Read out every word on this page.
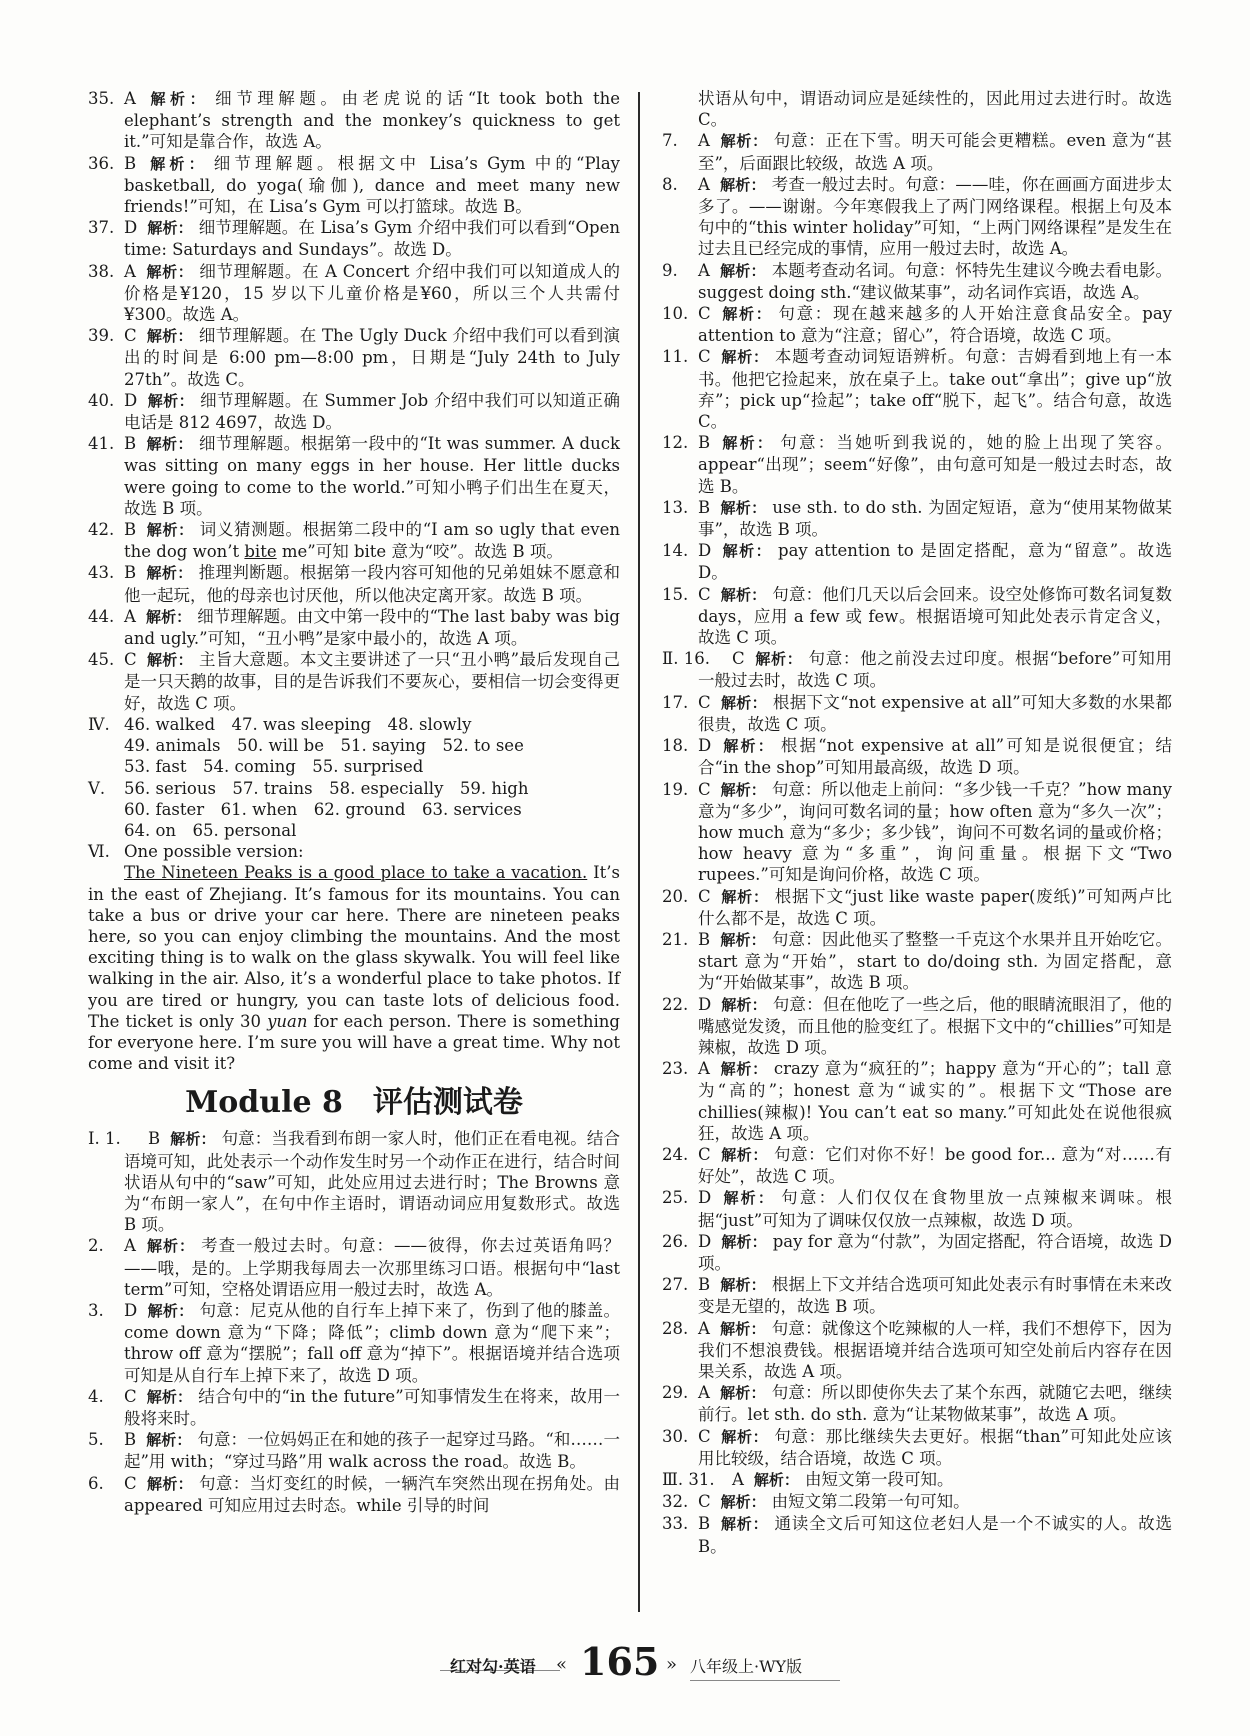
35. A 解析： 细节理解题。由老虎说的话“It took both the elephant’s strength and the monkey’s quickness to get it.”可知是靠合作，故选 A。

36. B 解析： 细节理解题。根据文中 Lisa’s Gym 中的“Play basketball, do yoga(瑜伽), dance and meet many new friends!”可知，在 Lisa’s Gym 可以打篮球。故选 B。

37. D 解析： 细节理解题。在 Lisa’s Gym 介绍中我们可以看到“Open time: Saturdays and Sundays”。故选 D。

38. A 解析： 细节理解题。在 A Concert 介绍中我们可以知道成人的价格是¥120，15 岁以下儿童价格是¥60，所以三个人共需付¥300。故选 A。

39. C 解析： 细节理解题。在 The Ugly Duck 介绍中我们可以看到演出的时间是 6:00 pm—8:00 pm，日期是“July 24th to July 27th”。故选 C。

40. D 解析： 细节理解题。在 Summer Job 介绍中我们可以知道正确电话是 812 4697，故选 D。

41. B 解析： 细节理解题。根据第一段中的“It was summer. A duck was sitting on many eggs in her house. Her little ducks were going to come to the world.”可知小鸭子们出生在夏天，故选 B 项。

42. B 解析： 词义猜测题。根据第二段中的“I am so ugly that even the dog won’t bite me”可知 bite 意为“咬”。故选 B 项。

43. B 解析： 推理判断题。根据第一段内容可知他的兄弟姐妹不愿意和他一起玩，他的母亲也讨厌他，所以他决定离开家。故选 B 项。

44. A 解析： 细节理解题。由文中第一段中的“The last baby was big and ugly.”可知，“丑小鸭”是家中最小的，故选 A 项。

45. C 解析： 主旨大意题。本文主要讲述了一只“丑小鸭”最后发现自己是一只天鹅的故事，目的是告诉我们不要灰心，要相信一切会变得更好，故选 C 项。

Ⅳ. 46. walked　47. was sleeping　48. slowly

49. animals　50. will be　51. saying　52. to see

53. fast　54. coming　55. surprised

Ⅴ. 56. serious　57. trains　58. especially　59. high

60. faster　61. when　62. ground　63. services

64. on　65. personal

Ⅵ. One possible version:

The Nineteen Peaks is a good place to take a vacation. It’s in the east of Zhejiang. It’s famous for its mountains. You can take a bus or drive your car here. There are nineteen peaks here, so you can enjoy climbing the mountains. And the most exciting thing is to walk on the glass skywalk. You will feel like walking in the air. Also, it’s a wonderful place to take photos. If you are tired or hungry, you can taste lots of delicious food. The ticket is only 30 yuan for each person. There is something for everyone here. I’m sure you will have a great time. Why not come and visit it?

Module 8　评估测试卷

Ⅰ. 1. B 解析： 句意：当我看到布朗一家人时，他们正在看电视。结合语境可知，此处表示一个动作发生时另一个动作正在进行，结合时间状语从句中的“saw”可知，此处应用过去进行时；The Browns 意为“布朗一家人”，在句中作主语时，谓语动词应用复数形式。故选 B 项。

2. A 解析： 考查一般过去时。句意：——彼得，你去过英语角吗？——哦，是的。上学期我每周去一次那里练习口语。根据句中“last term”可知，空格处谓语应用一般过去时，故选 A。

3. D 解析： 句意：尼克从他的自行车上掉下来了，伤到了他的膝盖。come down 意为“下降；降低”；climb down 意为“爬下来”；throw off 意为“摆脱”；fall off 意为“掉下”。根据语境并结合选项可知是从自行车上掉下来了，故选 D 项。

4. C 解析： 结合句中的“in the future”可知事情发生在将来，故用一般将来时。

5. B 解析： 句意：一位妈妈正在和她的孩子一起穿过马路。“和……一起”用 with；“穿过马路”用 walk across the road。故选 B。

6. C 解析： 句意：当灯变红的时候，一辆汽车突然出现在拐角处。由 appeared 可知应用过去时态。while 引导的时间

状语从句中，谓语动词应是延续性的，因此用过去进行时。故选 C。

7. A 解析： 句意：正在下雪。明天可能会更糟糕。even 意为“甚至”，后面跟比较级，故选 A 项。

8. A 解析： 考查一般过去时。句意：——哇，你在画画方面进步太多了。——谢谢。今年寒假我上了两门网络课程。根据上句及本句中的“this winter holiday”可知，“上两门网络课程”是发生在过去且已经完成的事情，应用一般过去时，故选 A。

9. A 解析： 本题考查动名词。句意：怀特先生建议今晚去看电影。suggest doing sth.“建议做某事”，动名词作宾语，故选 A。

10. C 解析： 句意：现在越来越多的人开始注意食品安全。pay attention to 意为“注意；留心”，符合语境，故选 C 项。

11. C 解析： 本题考查动词短语辨析。句意：吉姆看到地上有一本书。他把它捡起来，放在桌子上。take out“拿出”；give up“放弃”；pick up“捡起”；take off“脱下，起飞”。结合句意，故选 C。

12. B 解析： 句意：当她听到我说的，她的脸上出现了笑容。appear“出现”；seem“好像”，由句意可知是一般过去时态，故选 B。

13. B 解析： use sth. to do sth. 为固定短语，意为“使用某物做某事”，故选 B 项。

14. D 解析： pay attention to 是固定搭配，意为“留意”。故选 D。

15. C 解析： 句意：他们几天以后会回来。设空处修饰可数名词复数 days，应用 a few 或 few。根据语境可知此处表示肯定含义，故选 C 项。

Ⅱ. 16. C 解析： 句意：他之前没去过印度。根据“before”可知用一般过去时，故选 C 项。

17. C 解析： 根据下文“not expensive at all”可知大多数的水果都很贵，故选 C 项。

18. D 解析： 根据“not expensive at all”可知是说很便宜；结合“in the shop”可知用最高级，故选 D 项。

19. C 解析： 句意：所以他走上前问：“多少钱一千克？”how many 意为“多少”，询问可数名词的量；how often 意为“多久一次”；how much 意为“多少；多少钱”，询问不可数名词的量或价格；how heavy 意为“多重”，询问重量。根据下文“Two rupees.”可知是询问价格，故选 C 项。

20. C 解析： 根据下文“just like waste paper(废纸)”可知两卢比什么都不是，故选 C 项。

21. B 解析： 句意：因此他买了整整一千克这个水果并且开始吃它。start 意为“开始”，start to do/doing sth. 为固定搭配，意为“开始做某事”，故选 B 项。

22. D 解析： 句意：但在他吃了一些之后，他的眼睛流眼泪了，他的嘴感觉发烫，而且他的脸变红了。根据下文中的“chillies”可知是辣椒，故选 D 项。

23. A 解析： crazy 意为“疯狂的”；happy 意为“开心的”；tall 意为“高的”；honest 意为“诚实的”。根据下文“Those are chillies(辣椒)! You can’t eat so many.”可知此处在说他很疯狂，故选 A 项。

24. C 解析： 句意：它们对你不好！be good for... 意为“对……有好处”，故选 C 项。

25. D 解析： 句意：人们仅仅在食物里放一点辣椒来调味。根据“just”可知为了调味仅仅放一点辣椒，故选 D 项。

26. D 解析： pay for 意为“付款”，为固定搭配，符合语境，故选 D 项。

27. B 解析： 根据上下文并结合选项可知此处表示有时事情在未来改变是无望的，故选 B 项。

28. A 解析： 句意：就像这个吃辣椒的人一样，我们不想停下，因为我们不想浪费钱。根据语境并结合选项可知空处前后内容存在因果关系，故选 A 项。

29. A 解析： 句意：所以即使你失去了某个东西，就随它去吧，继续前行。let sth. do sth. 意为“让某物做某事”，故选 A 项。

30. C 解析： 句意：那比继续失去更好。根据“than”可知此处应该用比较级，结合语境，故选 C 项。

Ⅲ. 31. A 解析： 由短文第一段可知。

32. C 解析： 由短文第二段第一句可知。

33. B 解析： 通读全文后可知这位老妇人是一个不诚实的人。故选 B。

红对勾·英语 « 165 » 八年级上·WY版
